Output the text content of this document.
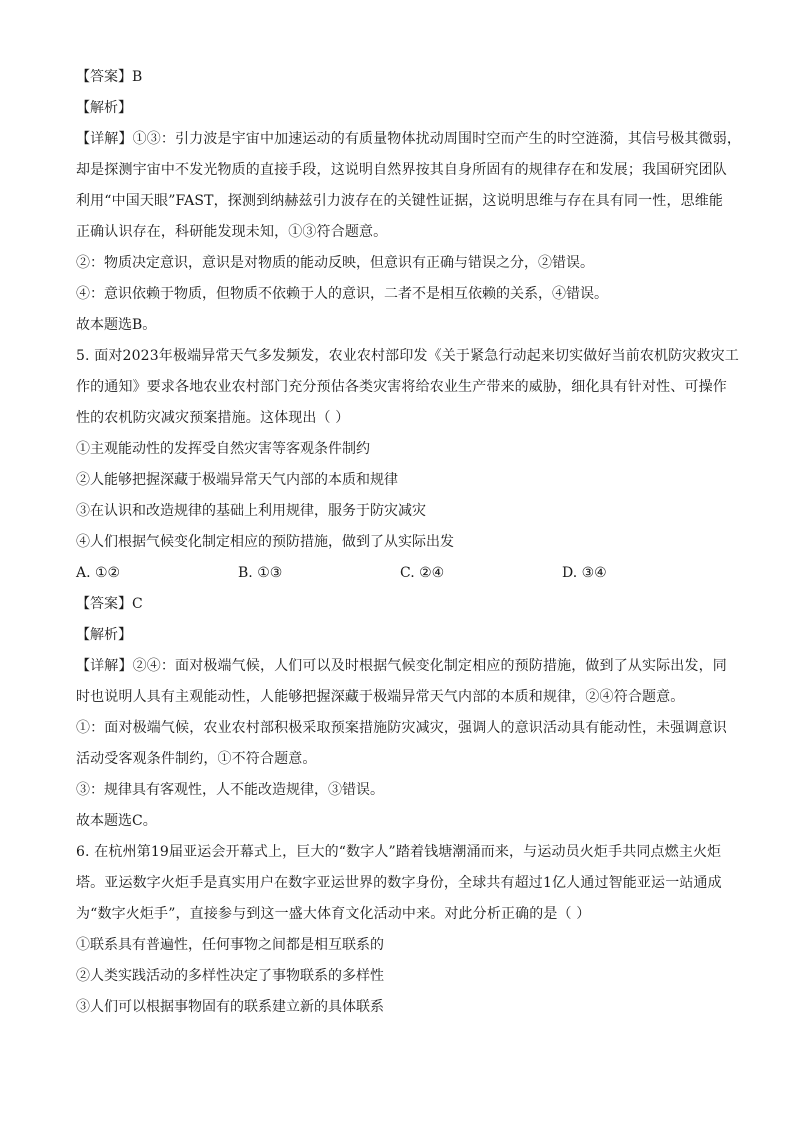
【答案】B
【解析】
【详解】①③：引力波是宇宙中加速运动的有质量物体扰动周围时空而产生的时空涟漪，其信号极其微弱，
却是探测宇宙中不发光物质的直接手段，这说明自然界按其自身所固有的规律存在和发展；我国研究团队
利用“中国天眼”FAST，探测到纳赫兹引力波存在的关键性证据，这说明思维与存在具有同一性，思维能
正确认识存在，科研能发现未知，①③符合题意。
②：物质决定意识，意识是对物质的能动反映，但意识有正确与错误之分，②错误。
④：意识依赖于物质，但物质不依赖于人的意识，二者不是相互依赖的关系，④错误。
故本题选B。
5. 面对2023年极端异常天气多发频发，农业农村部印发《关于紧急行动起来切实做好当前农机防灾救灾工
作的通知》要求各地农业农村部门充分预估各类灾害将给农业生产带来的威胁，细化具有针对性、可操作
性的农机防灾减灾预案措施。这体现出（ ）
①主观能动性的发挥受自然灾害等客观条件制约
②人能够把握深藏于极端异常天气内部的本质和规律
③在认识和改造规律的基础上利用规律，服务于防灾减灾
④人们根据气候变化制定相应的预防措施，做到了从实际出发
A. ①②	B. ①③	C. ②④	D. ③④
【答案】C
【解析】
【详解】②④：面对极端气候，人们可以及时根据气候变化制定相应的预防措施，做到了从实际出发，同
时也说明人具有主观能动性，人能够把握深藏于极端异常天气内部的本质和规律，②④符合题意。
①：面对极端气候，农业农村部积极采取预案措施防灾减灾，强调人的意识活动具有能动性，未强调意识
活动受客观条件制约，①不符合题意。
③：规律具有客观性，人不能改造规律，③错误。
故本题选C。
6. 在杭州第19届亚运会开幕式上，巨大的“数字人”踏着钱塘潮涌而来，与运动员火炬手共同点燃主火炬
塔。亚运数字火炬手是真实用户在数字亚运世界的数字身份，全球共有超过1亿人通过智能亚运一站通成
为“数字火炬手”，直接参与到这一盛大体育文化活动中来。对此分析正确的是（ ）
①联系具有普遍性，任何事物之间都是相互联系的
②人类实践活动的多样性决定了事物联系的多样性
③人们可以根据事物固有的联系建立新的具体联系
